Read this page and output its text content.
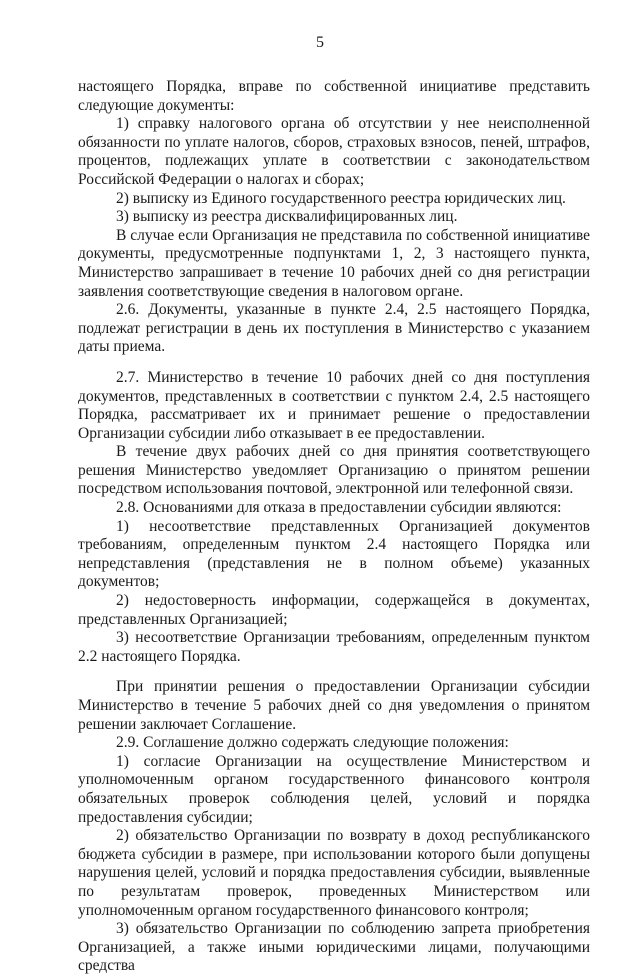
5

настоящего Порядка, вправе по собственной инициативе представить следующие документы:

1) справку налогового органа об отсутствии у нее неисполненной обязанности по уплате налогов, сборов, страховых взносов, пеней, штрафов, процентов, подлежащих уплате в соответствии с законодательством Российской Федерации о налогах и сборах;

2) выписку из Единого государственного реестра юридических лиц.

3) выписку из реестра дисквалифицированных лиц.

В случае если Организация не представила по собственной инициативе документы, предусмотренные подпунктами 1, 2, 3 настоящего пункта, Министерство запрашивает в течение 10 рабочих дней со дня регистрации заявления соответствующие сведения в налоговом органе.

2.6. Документы, указанные в пункте 2.4, 2.5 настоящего Порядка, подлежат регистрации в день их поступления в Министерство с указанием даты приема.

2.7. Министерство в течение 10 рабочих дней со дня поступления документов, представленных в соответствии с пунктом 2.4, 2.5 настоящего Порядка, рассматривает их и принимает решение о предоставлении Организации субсидии либо отказывает в ее предоставлении.

В течение двух рабочих дней со дня принятия соответствующего решения Министерство уведомляет Организацию о принятом решении посредством использования почтовой, электронной или телефонной связи.

2.8. Основаниями для отказа в предоставлении субсидии являются:

1) несоответствие представленных Организацией документов требованиям, определенным пунктом 2.4 настоящего Порядка или непредставления (представления не в полном объеме) указанных документов;

2) недостоверность информации, содержащейся в документах, представленных Организацией;

3) несоответствие Организации требованиям, определенным пунктом 2.2 настоящего Порядка.

При принятии решения о предоставлении Организации субсидии Министерство в течение 5 рабочих дней со дня уведомления о принятом решении заключает Соглашение.

2.9. Соглашение должно содержать следующие положения:

1) согласие Организации на осуществление Министерством и уполномоченным органом государственного финансового контроля обязательных проверок соблюдения целей, условий и порядка предоставления субсидии;

2) обязательство Организации по возврату в доход республиканского бюджета субсидии в размере, при использовании которого были допущены нарушения целей, условий и порядка предоставления субсидии, выявленные по результатам проверок, проведенных Министерством или уполномоченным органом государственного финансового контроля;

3) обязательство Организации по соблюдению запрета приобретения Организацией, а также иными юридическими лицами, получающими средства
